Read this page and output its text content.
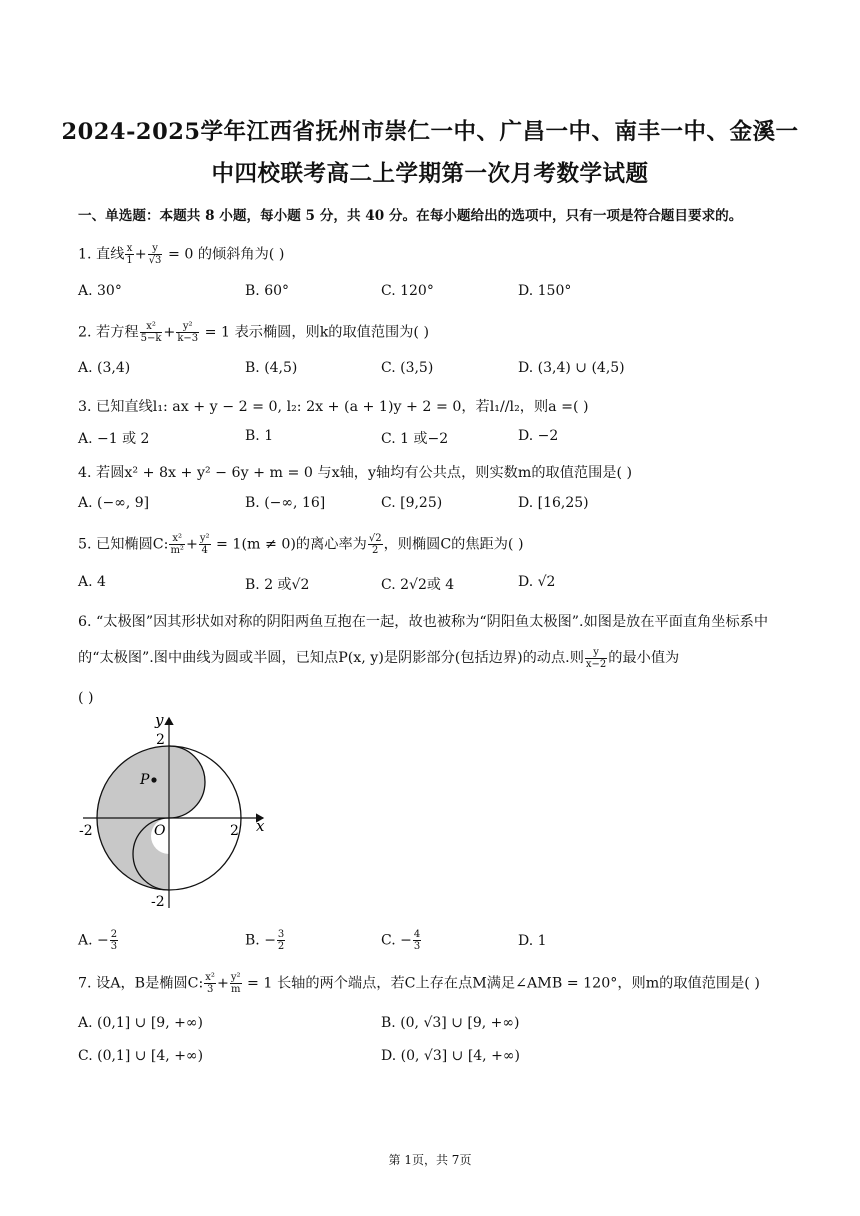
2024-2025学年江西省抚州市崇仁一中、广昌一中、南丰一中、金溪一
中四校联考高二上学期第一次月考数学试题
一、单选题：本题共 8 小题，每小题 5 分，共 40 分。在每小题给出的选项中，只有一项是符合题目要求的。
1. 直线 $\frac{x}{1} + \frac{y}{√3} = 0$ 的倾斜角为( )
A. 30°	B. 60°	C. 120°	D. 150°
2. 若方程 $\frac{\text{x²}}{5-k} + \frac{\text{y²}}{k-3} = 1$ 表示椭圆，则k的取值范围为( )
A. (3,4)	B. (4,5)	C. (3,5)	D. (3,4) ∪ (4,5)
3. 已知直线l₁: ax + y − 2 = 0, l₂: 2x + (a + 1)y + 2 = 0，若l₁//l₂，则a =( )
A. −1 或 2	B. 1	C. 1 或−2	D. −2
4. 若圆x² + 8x + y² − 6y + m = 0 与x轴，y轴均有公共点，则实数m的取值范围是( )
A. (−∞, 9]	B. (−∞, 16]	C. [9,25)	D. [16,25)
5. 已知椭圆C: $\frac{\text{x²}}{\text{m²}} + \frac{\text{y²}}{4} = 1(m \ne 0)$的离心率为 $\frac{√2}{2}$ ，则椭圆C的焦距为( )
A. 4	B. 2 或√2	C. 2√2或 4	D. √2
6. “太极图”因其形状如对称的阴阳两鱼互抱在一起，故也被称为“阴阳鱼太极图”.如图是放在平面直角坐标系中的“太极图”.图中曲线为圆或半圆，已知点P(x, y)是阴影部分(包括边界)的动点.则 $\frac{y}{x-2}$ 的最小值为
( )
P
y
x
2
-2	2
O
-2
A. − $\frac{2}{3}$	B. − $\frac{3}{2}$	C. − $\frac{4}{3}$	D. 1
7. 设A，B是椭圆C: $\frac{\text{x²}}{3} + \frac{\text{y²}}{m} = 1$ 长轴的两个端点，若C上存在点M满足∠AMB = 120°，则m的取值范围是( )
A. (0,1] ∪ [9, +∞)	B. (0, √3] ∪ [9, +∞)
C. (0,1] ∪ [4, +∞)	D. (0, √3] ∪ [4, +∞)
第 1页，共 7页
